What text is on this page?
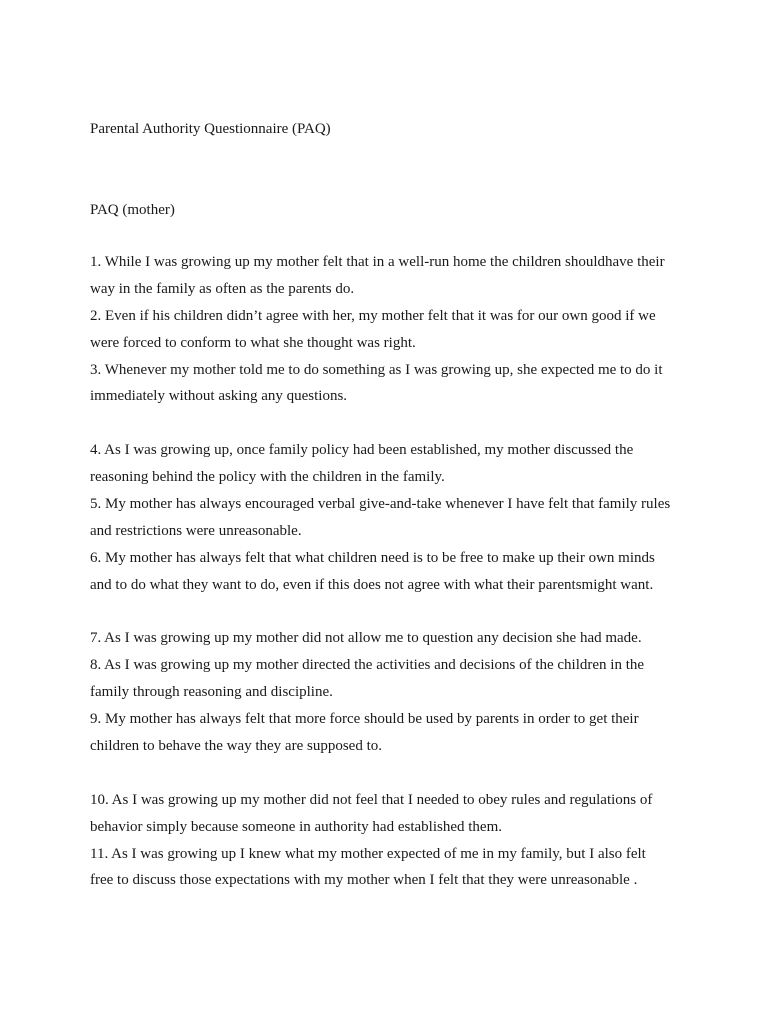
Parental Authority Questionnaire (PAQ)
PAQ (mother)
1. While I was growing up my mother felt that in a well-run home the children shouldhave their
way in the family as often as the parents do.
2. Even if his children didn’t agree with her, my mother felt that it was for our own good if we
were forced to conform to what she thought was right.
3. Whenever my mother told me to do something as I was growing up, she expected me to do it
immediately without asking any questions.
4. As I was growing up, once family policy had been established, my mother discussed the
reasoning behind the policy with the children in the family.
5. My mother has always encouraged verbal give-and-take whenever I have felt that family rules
and restrictions were unreasonable.
6. My mother has always felt that what children need is to be free to make up their own minds
and to do what they want to do, even if this does not agree with what their parentsmight want.
7. As I was growing up my mother did not allow me to question any decision she had made.
8. As I was growing up my mother directed the activities and decisions of the children in the
family through reasoning and discipline.
9. My mother has always felt that more force should be used by parents in order to get their
children to behave the way they are supposed to.
10. As I was growing up my mother did not feel that I needed to obey rules and regulations of
behavior simply because someone in authority had established them.
11. As I was growing up I knew what my mother expected of me in my family, but I also felt
free to discuss those expectations with my mother when I felt that they were unreasonable .
